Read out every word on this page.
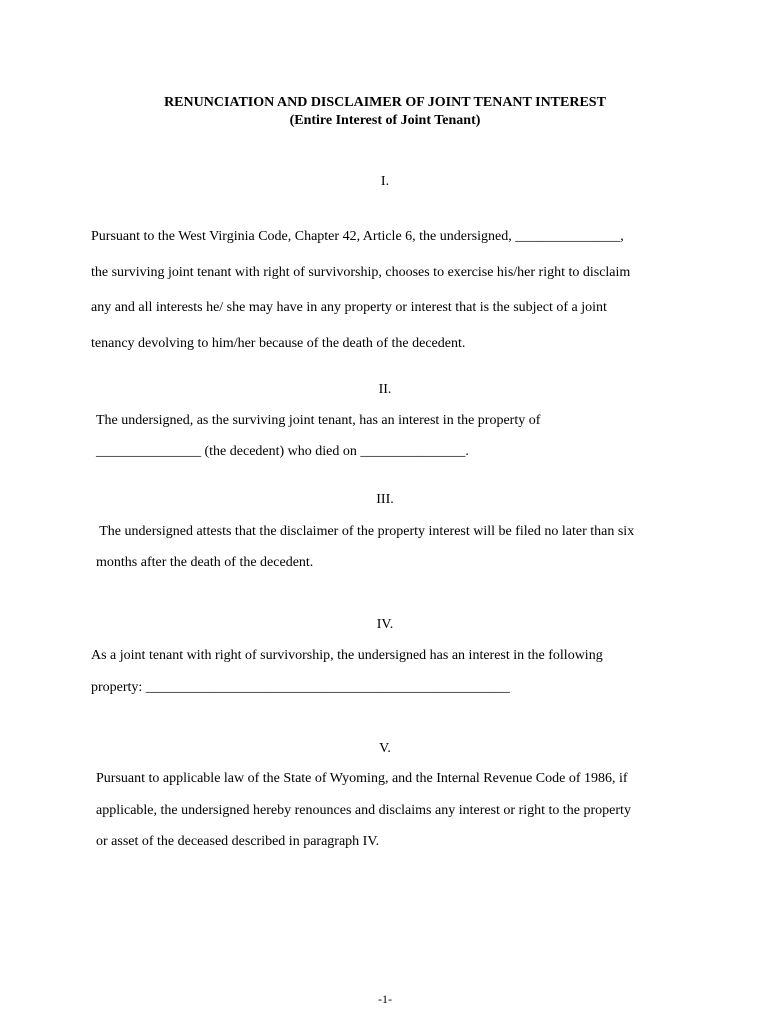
RENUNCIATION AND DISCLAIMER OF JOINT TENANT INTEREST
(Entire Interest of Joint Tenant)
I.
Pursuant to the West Virginia Code, Chapter 42, Article 6, the undersigned, _______________,
the surviving joint tenant with right of survivorship, chooses to exercise his/her right to disclaim
any and all interests he/ she may have in any property or interest that is the subject of a joint
tenancy devolving to him/her because of the death of the decedent.
II.
The undersigned, as the surviving joint tenant, has an interest in the property of
_______________ (the decedent) who died on _______________.
III.
The undersigned attests that the disclaimer of the property interest will be filed no later than six
months after the death of the decedent.
IV.
As a joint tenant with right of survivorship, the undersigned has an interest in the following
property: ____________________________________________________
V.
Pursuant to applicable law of the State of Wyoming, and the Internal Revenue Code of 1986, if
applicable, the undersigned hereby renounces and disclaims any interest or right to the property
or asset of the deceased described in paragraph IV.
-1-
